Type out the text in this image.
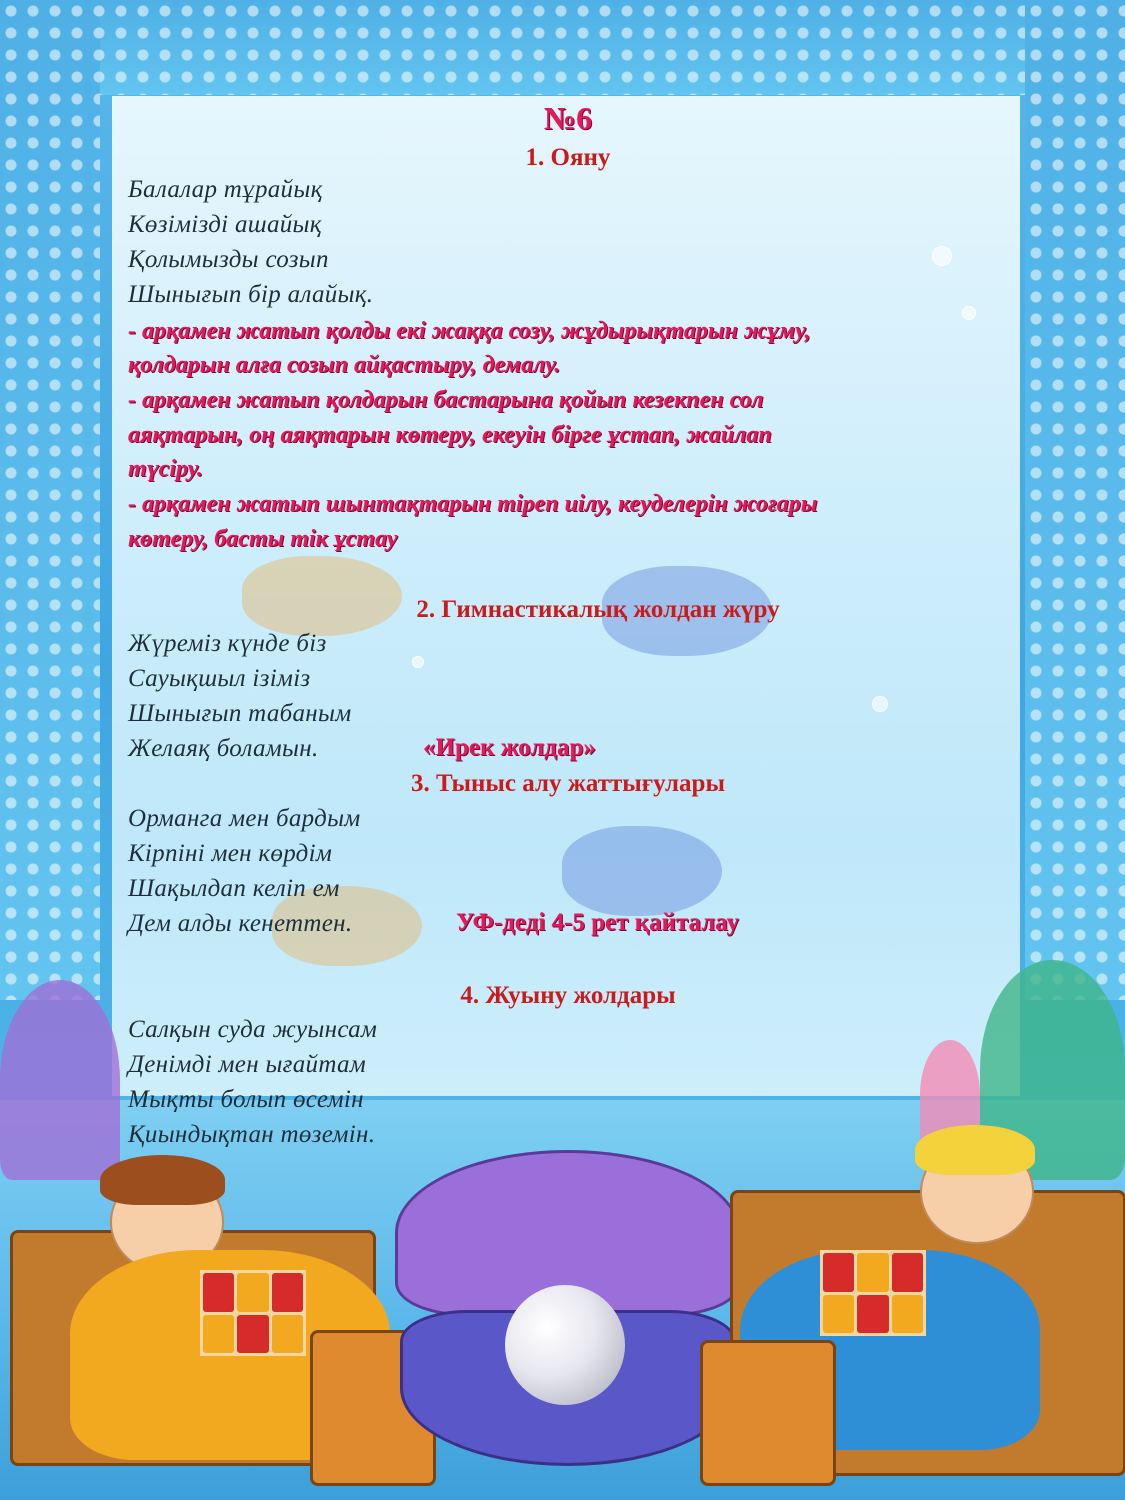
№6
1. Ояну
Балалар тұрайық
Көзімізді ашайық
Қолымызды созып
Шынығып бір алайық.
- арқамен жатып қолды екі жаққа созу, жұдырықтарын жұму,
қолдарын алға созып айқастыру, демалу.
- арқамен жатып қолдарын бастарына қойып кезекпен сол
аяқтарын, оң аяқтарын көтеру, екеуін бірге ұстап, жайлап
түсіру.
- арқамен жатып шынтақтарын тіреп иілу, кеуделерін жоғары
көтеру, басты тік ұстау
2. Гимнастикалық жолдан жүру
Жүреміз күнде біз
Сауықшыл ізіміз
Шынығып табаным
Желаяқ боламын.	«Ирек жолдар»
3. Тыныс алу жаттығулары
Орманга мен бардым
Кірпіні мен көрдім
Шақылдап келіп ем
Дем алды кенеттен.	УФ-деді 4-5 рет қайталау
4. Жуыну жолдары
Салқын суда жуынсам
Денімді мен ығайтам
Мықты болып өсемін
Қиындықтан төземін.
